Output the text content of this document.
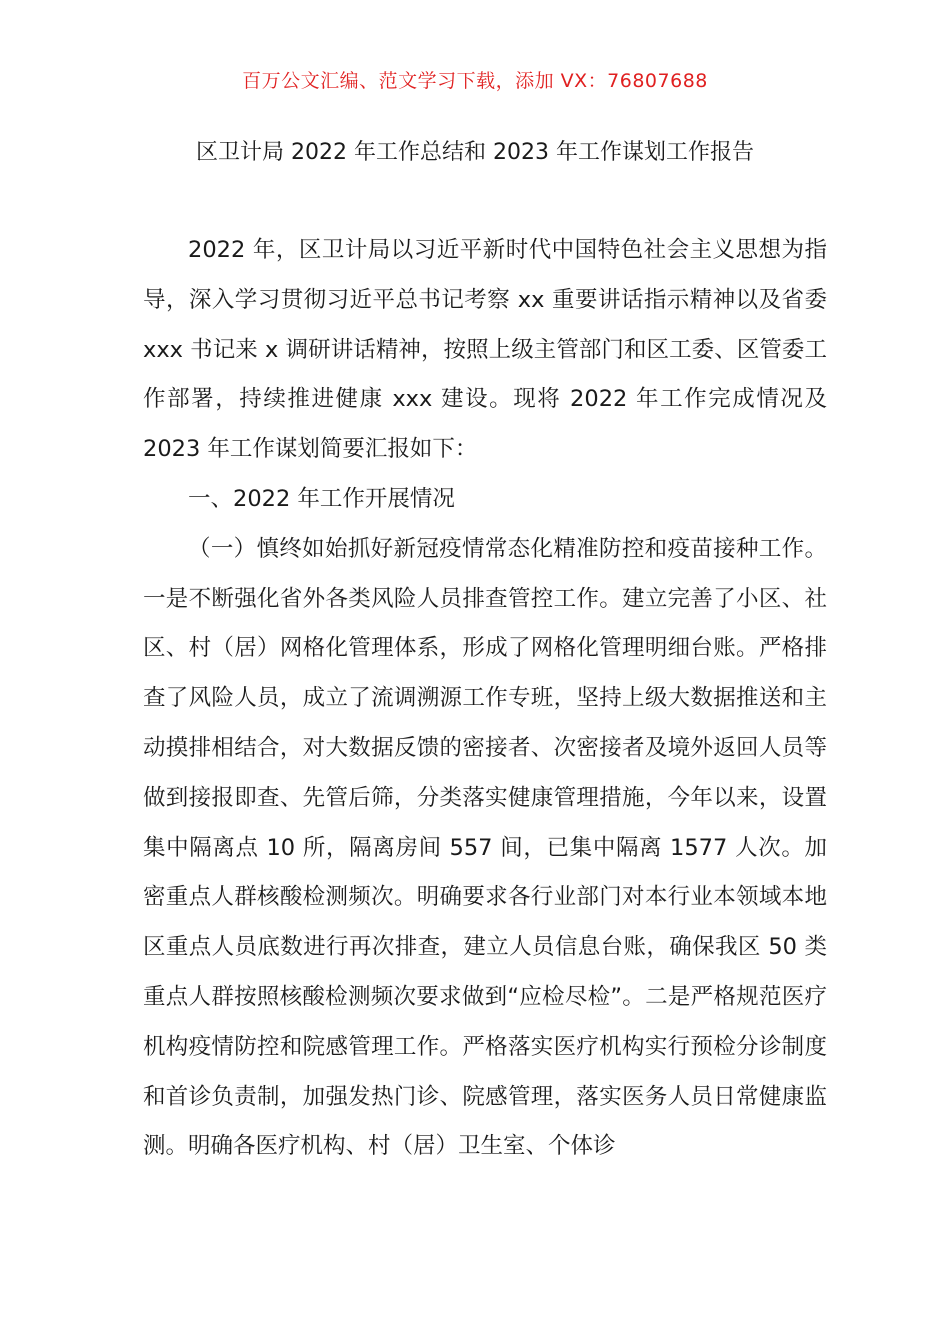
百万公文汇编、范文学习下载，添加 VX：76807688
区卫计局 2022 年工作总结和 2023 年工作谋划工作报告

2022 年，区卫计局以习近平新时代中国特色社会主义思想为指导，深入学习贯彻习近平总书记考察 xx 重要讲话指示精神以及省委 xxx 书记来 x 调研讲话精神，按照上级主管部门和区工委、区管委工作部署，持续推进健康 xxx 建设。现将 2022 年工作完成情况及 2023 年工作谋划简要汇报如下：

一、2022 年工作开展情况

（一）慎终如始抓好新冠疫情常态化精准防控和疫苗接种工作。一是不断强化省外各类风险人员排查管控工作。建立完善了小区、社区、村（居）网格化管理体系，形成了网格化管理明细台账。严格排查了风险人员，成立了流调溯源工作专班，坚持上级大数据推送和主动摸排相结合，对大数据反馈的密接者、次密接者及境外返回人员等做到接报即查、先管后筛，分类落实健康管理措施，今年以来，设置集中隔离点 10 所，隔离房间 557 间，已集中隔离 1577 人次。加密重点人群核酸检测频次。明确要求各行业部门对本行业本领域本地区重点人员底数进行再次排查，建立人员信息台账，确保我区 50 类重点人群按照核酸检测频次要求做到“应检尽检”。二是严格规范医疗机构疫情防控和院感管理工作。严格落实医疗机构实行预检分诊制度和首诊负责制，加强发热门诊、院感管理，落实医务人员日常健康监测。明确各医疗机构、村（居）卫生室、个体诊
